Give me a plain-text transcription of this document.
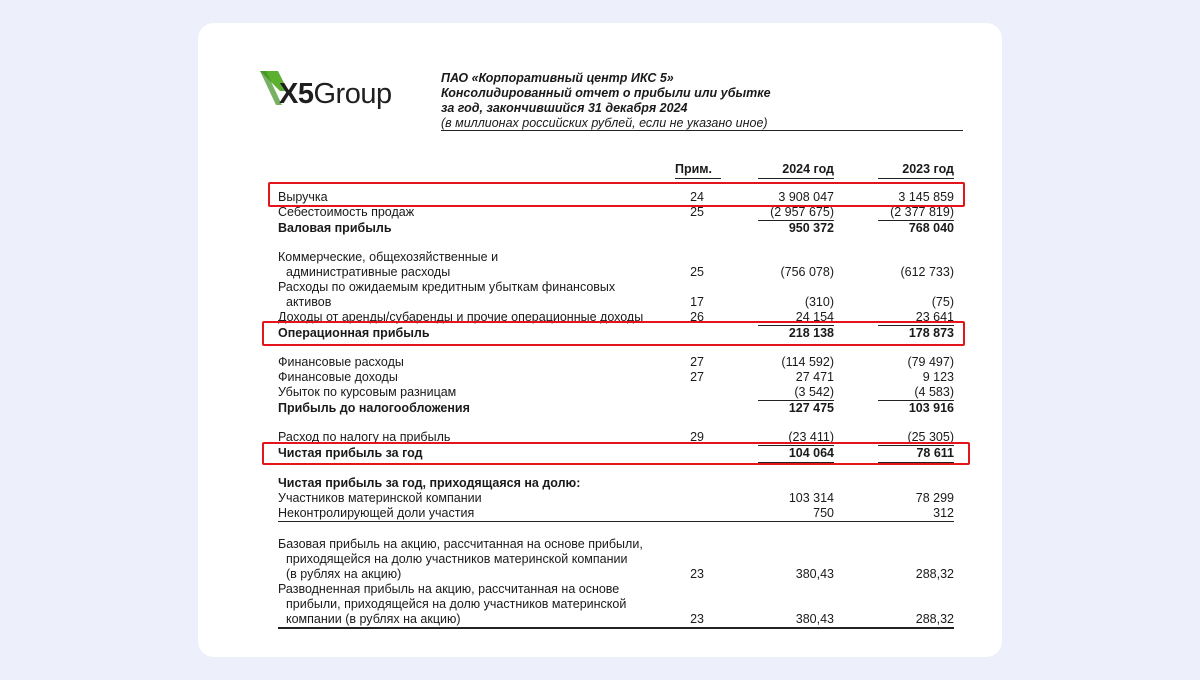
X5Group	ПАО «Корпоративный центр ИКС 5»
Консолидированный отчет о прибыли или убытке
за год, закончившийся 31 декабря 2024
(в миллионах российских рублей, если не указано иное)
Прим.	2024 год	2023 год
Выручка	24	3 908 047	3 145 859
Себестоимость продаж	25	(2 957 675)	(2 377 819)
Валовая прибыль	950 372	768 040
Коммерческие, общехозяйственные и
административные расходы	25	(756 078)	(612 733)
Расходы по ожидаемым кредитным убыткам финансовых
активов	17	(310)	(75)
Доходы от аренды/субаренды и прочие операционные доходы	26	24 154	23 641
Операционная прибыль	218 138	178 873
Финансовые расходы	27	(114 592)	(79 497)
Финансовые доходы	27	27 471	9 123
Убыток по курсовым разницам	(3 542)	(4 583)
Прибыль до налогообложения	127 475	103 916
Расход по налогу на прибыль	29	(23 411)	(25 305)
Чистая прибыль за год	104 064	78 611
Чистая прибыль за год, приходящаяся на долю:
Участников материнской компании	103 314	78 299
Неконтролирующей доли участия	750	312
Базовая прибыль на акцию, рассчитанная на основе прибыли,
приходящейся на долю участников материнской компании
(в рублях на акцию)	23	380,43	288,32
Разводненная прибыль на акцию, рассчитанная на основе
прибыли, приходящейся на долю участников материнской
компании (в рублях на акцию)	23	380,43	288,32
